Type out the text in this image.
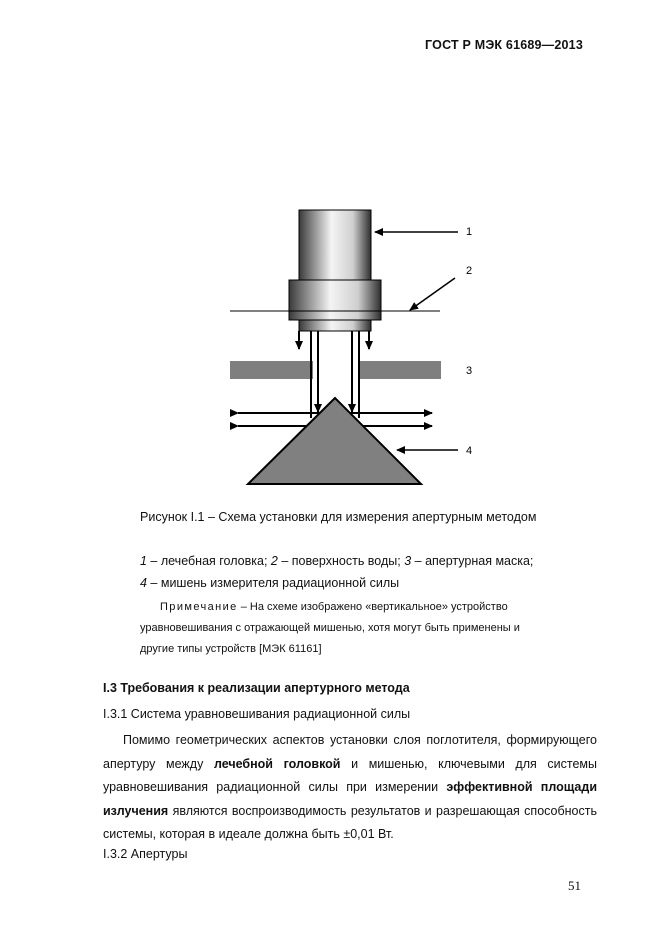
ГОСТ Р МЭК 61689—2013
1
2
3
4
Рисунок I.1 – Схема установки для измерения апертурным методом
1 – лечебная головка; 2 – поверхность воды; 3 – апертурная маска; 4 – мишень измерителя радиационной силы
Примечание – На схеме изображено «вертикальное» устройство уравновешивания с отражающей мишенью, хотя могут быть применены и другие типы устройств [МЭК 61161]
I.3 Требования к реализации апертурного метода
I.3.1 Система уравновешивания радиационной силы
Помимо геометрических аспектов установки слоя поглотителя, формирующего апертуру между лечебной головкой и мишенью, ключевыми для системы уравновешивания радиационной силы при измерении эффективной площади излучения являются воспроизводимость результатов и разрешающая способность системы, которая в идеале должна быть ±0,01 Вт.
I.3.2 Апертуры
51
